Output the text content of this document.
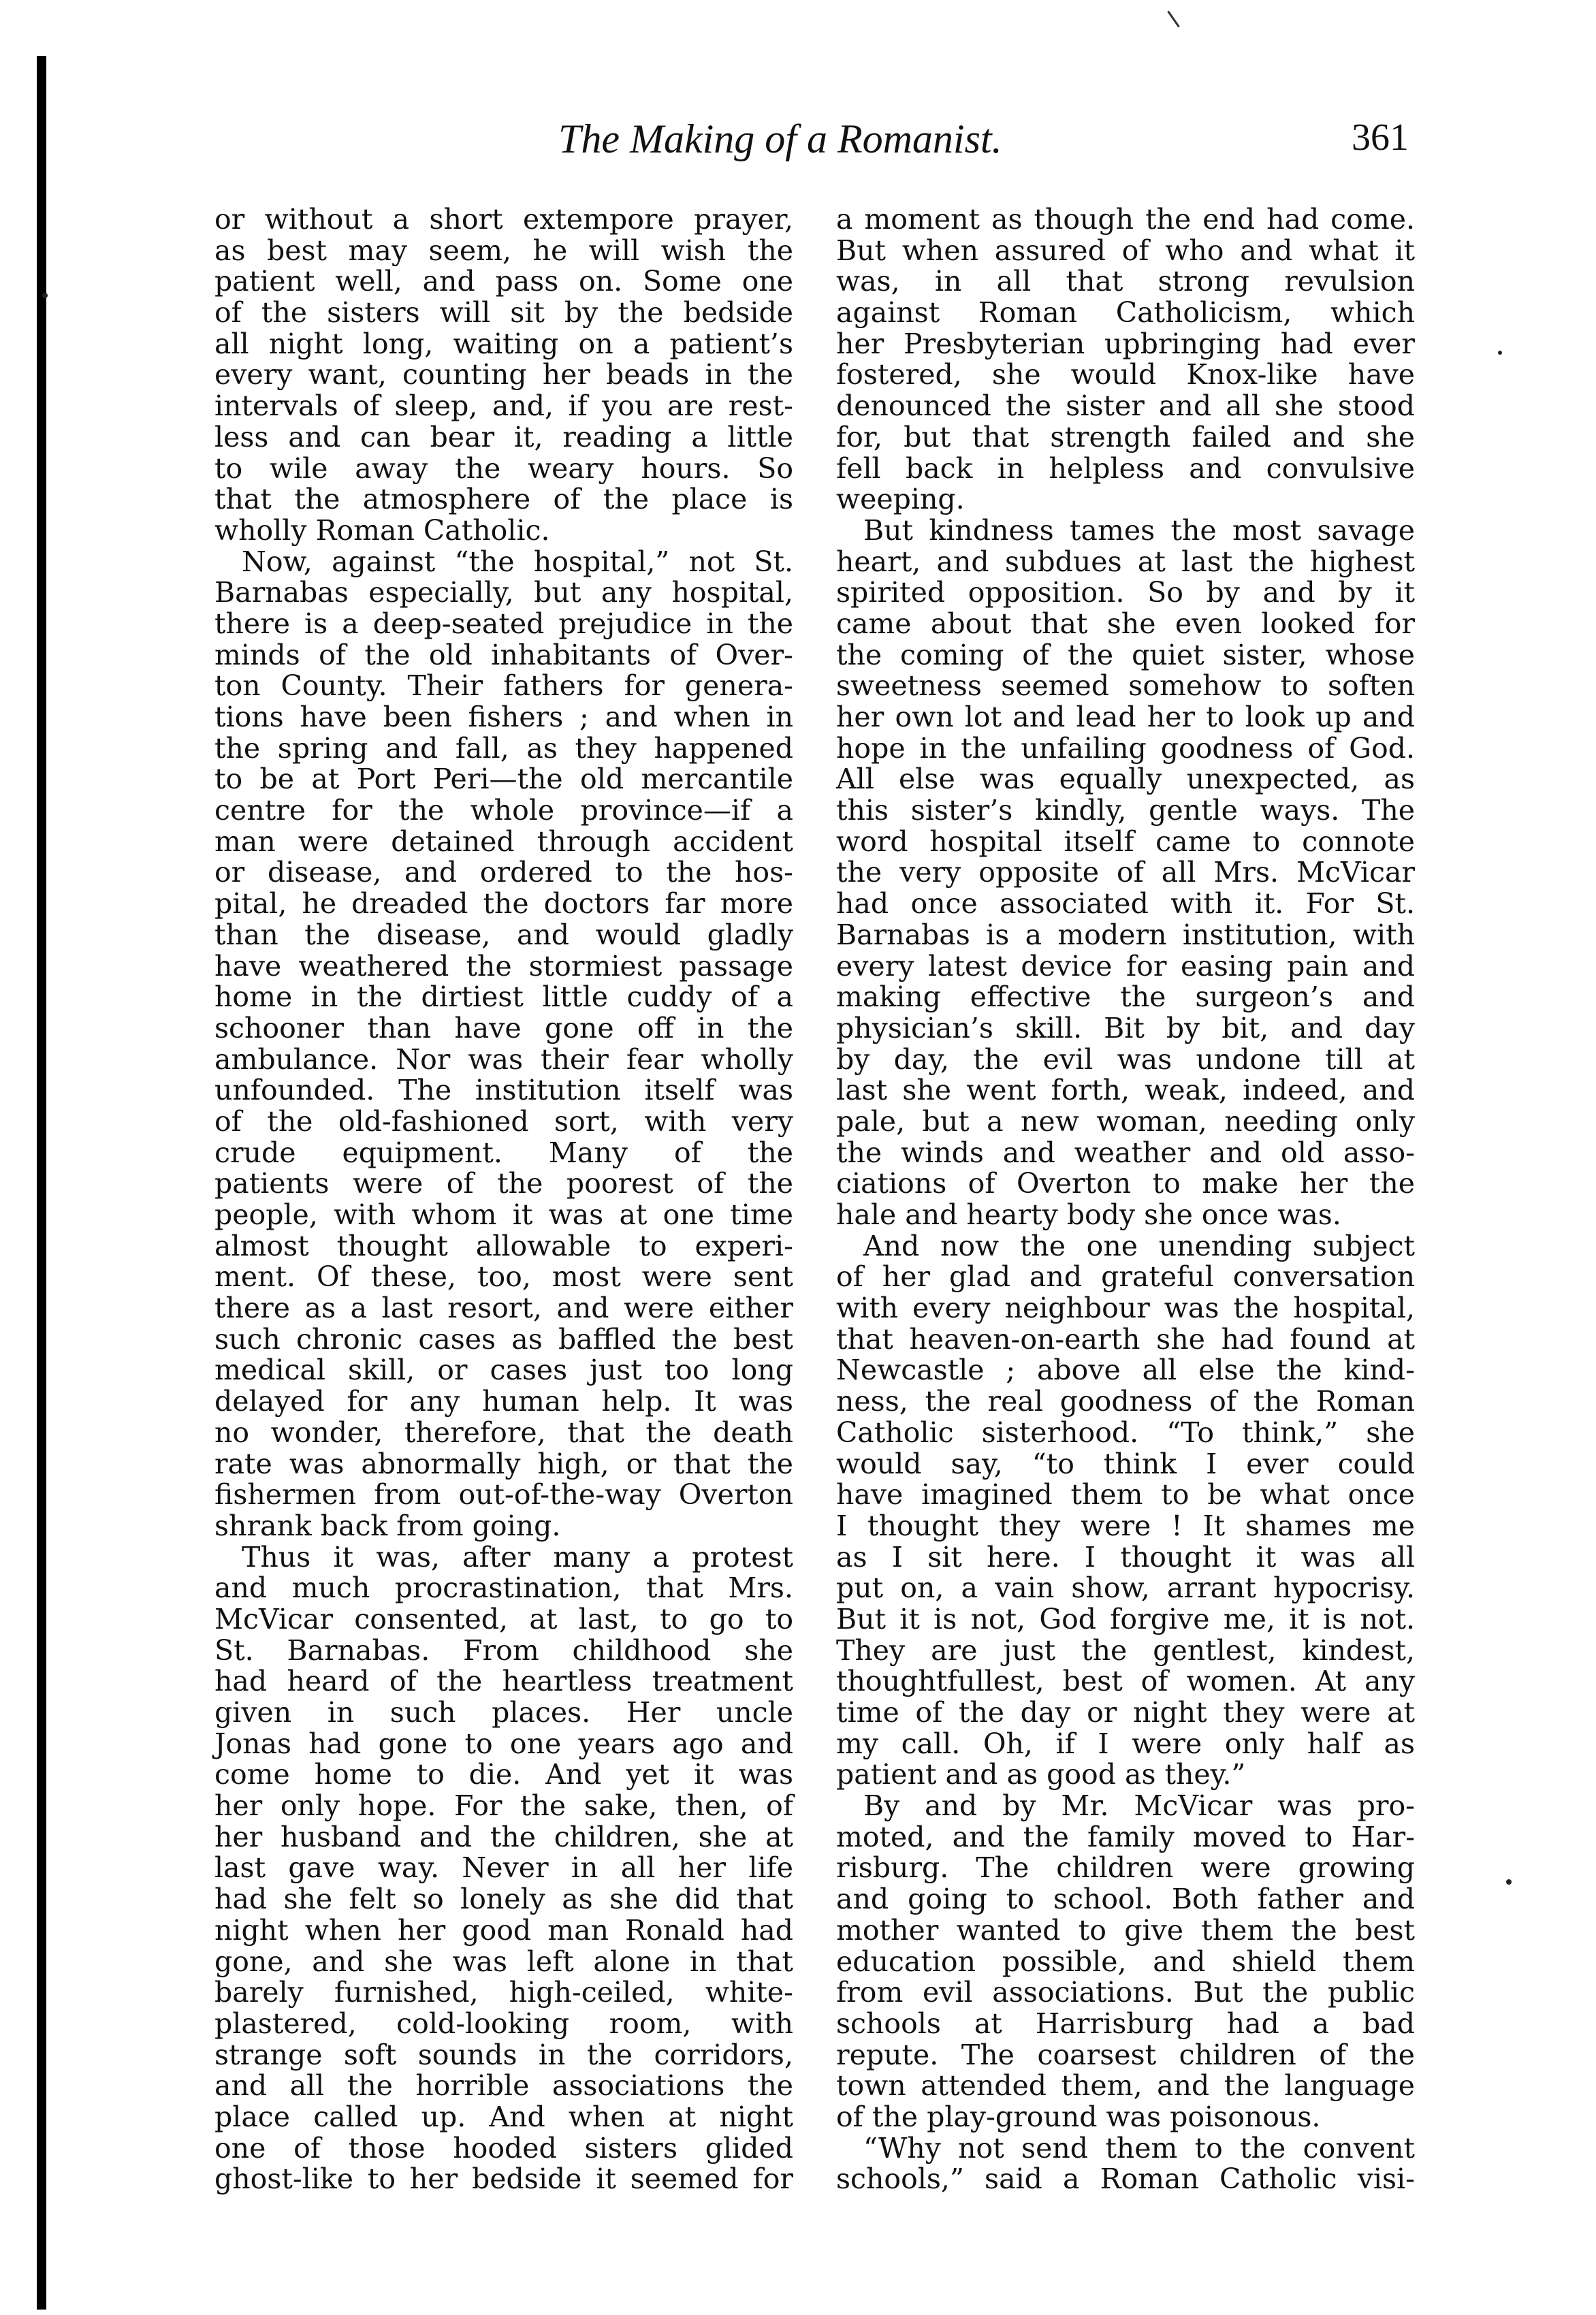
The Making of a Romanist.	361
or without a short extempore prayer,
as best may seem, he will wish the
patient well, and pass on. Some one
of the sisters will sit by the bedside
all night long, waiting on a patient’s
every want, counting her beads in the
intervals of sleep, and, if you are rest-
less and can bear it, reading a little
to wile away the weary hours. So
that the atmosphere of the place is
wholly Roman Catholic.
Now, against “the hospital,” not St.
Barnabas especially, but any hospital,
there is a deep-seated prejudice in the
minds of the old inhabitants of Over-
ton County. Their fathers for genera-
tions have been fishers ; and when in
the spring and fall, as they happened
to be at Port Peri—the old mercantile
centre for the whole province—if a
man were detained through accident
or disease, and ordered to the hos-
pital, he dreaded the doctors far more
than the disease, and would gladly
have weathered the stormiest passage
home in the dirtiest little cuddy of a
schooner than have gone off in the
ambulance. Nor was their fear wholly
unfounded. The institution itself was
of the old-fashioned sort, with very
crude equipment. Many of the
patients were of the poorest of the
people, with whom it was at one time
almost thought allowable to experi-
ment. Of these, too, most were sent
there as a last resort, and were either
such chronic cases as baffled the best
medical skill, or cases just too long
delayed for any human help. It was
no wonder, therefore, that the death
rate was abnormally high, or that the
fishermen from out-of-the-way Overton
shrank back from going.
Thus it was, after many a protest
and much procrastination, that Mrs.
McVicar consented, at last, to go to
St. Barnabas. From childhood she
had heard of the heartless treatment
given in such places. Her uncle
Jonas had gone to one years ago and
come home to die. And yet it was
her only hope. For the sake, then, of
her husband and the children, she at
last gave way. Never in all her life
had she felt so lonely as she did that
night when her good man Ronald had
gone, and she was left alone in that
barely furnished, high-ceiled, white-
plastered, cold-looking room, with
strange soft sounds in the corridors,
and all the horrible associations the
place called up. And when at night
one of those hooded sisters glided
ghost-like to her bedside it seemed for
a moment as though the end had come.
But when assured of who and what it
was, in all that strong revulsion
against Roman Catholicism, which
her Presbyterian upbringing had ever
fostered, she would Knox-like have
denounced the sister and all she stood
for, but that strength failed and she
fell back in helpless and convulsive
weeping.
But kindness tames the most savage
heart, and subdues at last the highest
spirited opposition. So by and by it
came about that she even looked for
the coming of the quiet sister, whose
sweetness seemed somehow to soften
her own lot and lead her to look up and
hope in the unfailing goodness of God.
All else was equally unexpected, as
this sister’s kindly, gentle ways. The
word hospital itself came to connote
the very opposite of all Mrs. McVicar
had once associated with it. For St.
Barnabas is a modern institution, with
every latest device for easing pain and
making effective the surgeon’s and
physician’s skill. Bit by bit, and day
by day, the evil was undone till at
last she went forth, weak, indeed, and
pale, but a new woman, needing only
the winds and weather and old asso-
ciations of Overton to make her the
hale and hearty body she once was.
And now the one unending subject
of her glad and grateful conversation
with every neighbour was the hospital,
that heaven-on-earth she had found at
Newcastle ; above all else the kind-
ness, the real goodness of the Roman
Catholic sisterhood. “To think,” she
would say, “to think I ever could
have imagined them to be what once
I thought they were ! It shames me
as I sit here. I thought it was all
put on, a vain show, arrant hypocrisy.
But it is not, God forgive me, it is not.
They are just the gentlest, kindest,
thoughtfullest, best of women. At any
time of the day or night they were at
my call. Oh, if I were only half as
patient and as good as they.”
By and by Mr. McVicar was pro-
moted, and the family moved to Har-
risburg. The children were growing
and going to school. Both father and
mother wanted to give them the best
education possible, and shield them
from evil associations. But the public
schools at Harrisburg had a bad
repute. The coarsest children of the
town attended them, and the language
of the play-ground was poisonous.
“Why not send them to the convent
schools,” said a Roman Catholic visi-
